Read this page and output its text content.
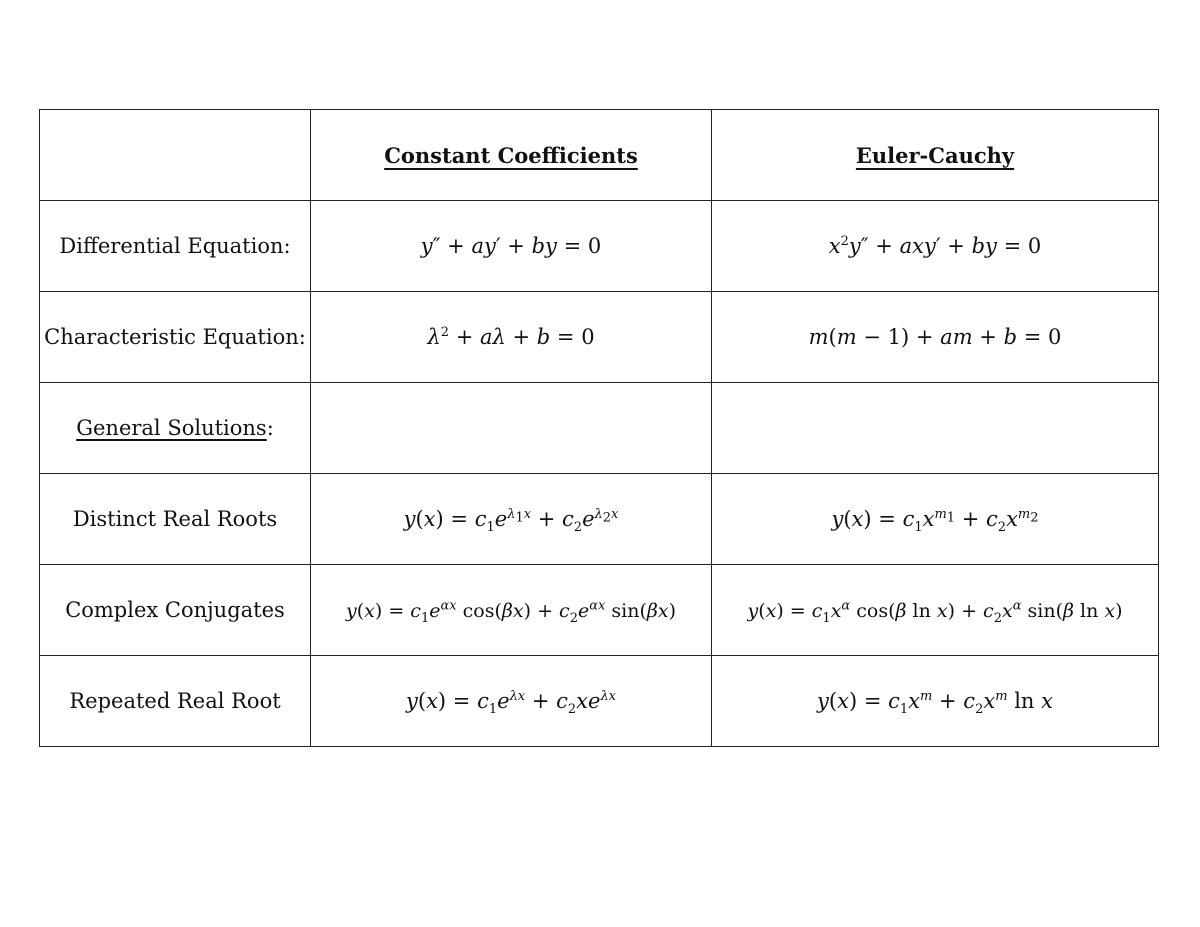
	Constant Coefficients	Euler-Cauchy
Differential Equation:	y″ + ay′ + by = 0	$x^2y'' + axy'$ + by = 0
Characteristic Equation:	$\lambda^2 + a\lambda + b = 0$	m(m − 1) + am + b = 0
General Solutions:		
Distinct Real Roots	$y(x) = c_1e^{\lambda_1x} + c_2e^{\lambda_2x}$	$y(x) = c_1x^{m_1} + c_2x^{m_2}$
Complex Conjugates	$y(x) = c_1e^{\alpha x}$ $\cos(\beta x) + c_2e^{\alpha x}$ sin(βx)	$y(x) = c_1x^\alpha$ cos(β $\ln x) + c_2x^\alpha$ sin(β ln x)
Repeated Real Root	$y(x) = c_1e^{\lambda x} + c_2xe^{\lambda x}$	$y(x) = c_1x^m + c_2x^m$ ln x
